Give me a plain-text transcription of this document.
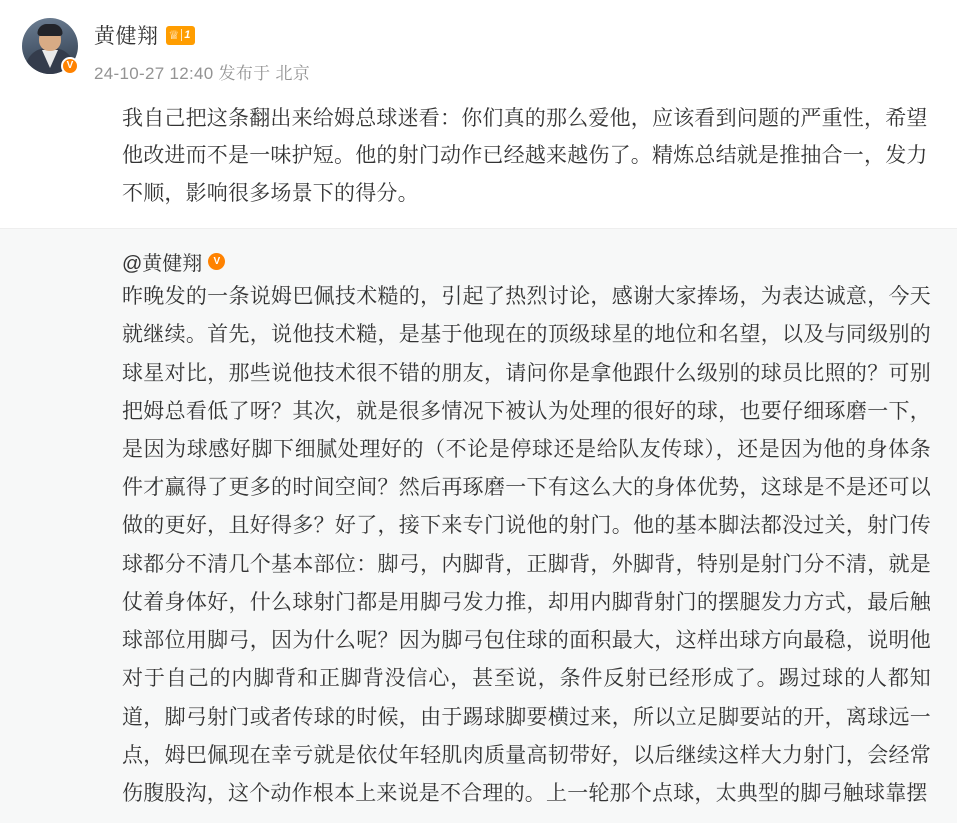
V
黄健翔 ♕ 1
24-10-27 12:40 发布于 北京
我自己把这条翻出来给姆总球迷看：你们真的那么爱他，应该看到问题的严重性，希望他改进而不是一味护短。他的射门动作已经越来越伤了。精炼总结就是推抽合一，发力不顺，影响很多场景下的得分。
@黄健翔	V
昨晚发的一条说姆巴佩技术糙的，引起了热烈讨论，感谢大家捧场，为表达诚意，今天就继续。首先，说他技术糙，是基于他现在的顶级球星的地位和名望，以及与同级别的球星对比，那些说他技术很不错的朋友，请问你是拿他跟什么级别的球员比照的？可别把姆总看低了呀？其次，就是很多情况下被认为处理的很好的球，也要仔细琢磨一下，是因为球感好脚下细腻处理好的（不论是停球还是给队友传球），还是因为他的身体条件才赢得了更多的时间空间？然后再琢磨一下有这么大的身体优势，这球是不是还可以做的更好，且好得多？好了，接下来专门说他的射门。他的基本脚法都没过关，射门传球都分不清几个基本部位：脚弓，内脚背，正脚背，外脚背，特别是射门分不清，就是仗着身体好，什么球射门都是用脚弓发力推，却用内脚背射门的摆腿发力方式，最后触球部位用脚弓，因为什么呢？因为脚弓包住球的面积最大，这样出球方向最稳，说明他对于自己的内脚背和正脚背没信心，甚至说，条件反射已经形成了。踢过球的人都知道，脚弓射门或者传球的时候，由于踢球脚要横过来，所以立足脚要站的开，离球远一点，姆巴佩现在幸亏就是依仗年轻肌肉质量高韧带好，以后继续这样大力射门，会经常伤腹股沟，这个动作根本上来说是不合理的。上一轮那个点球，太典型的脚弓触球靠摆
